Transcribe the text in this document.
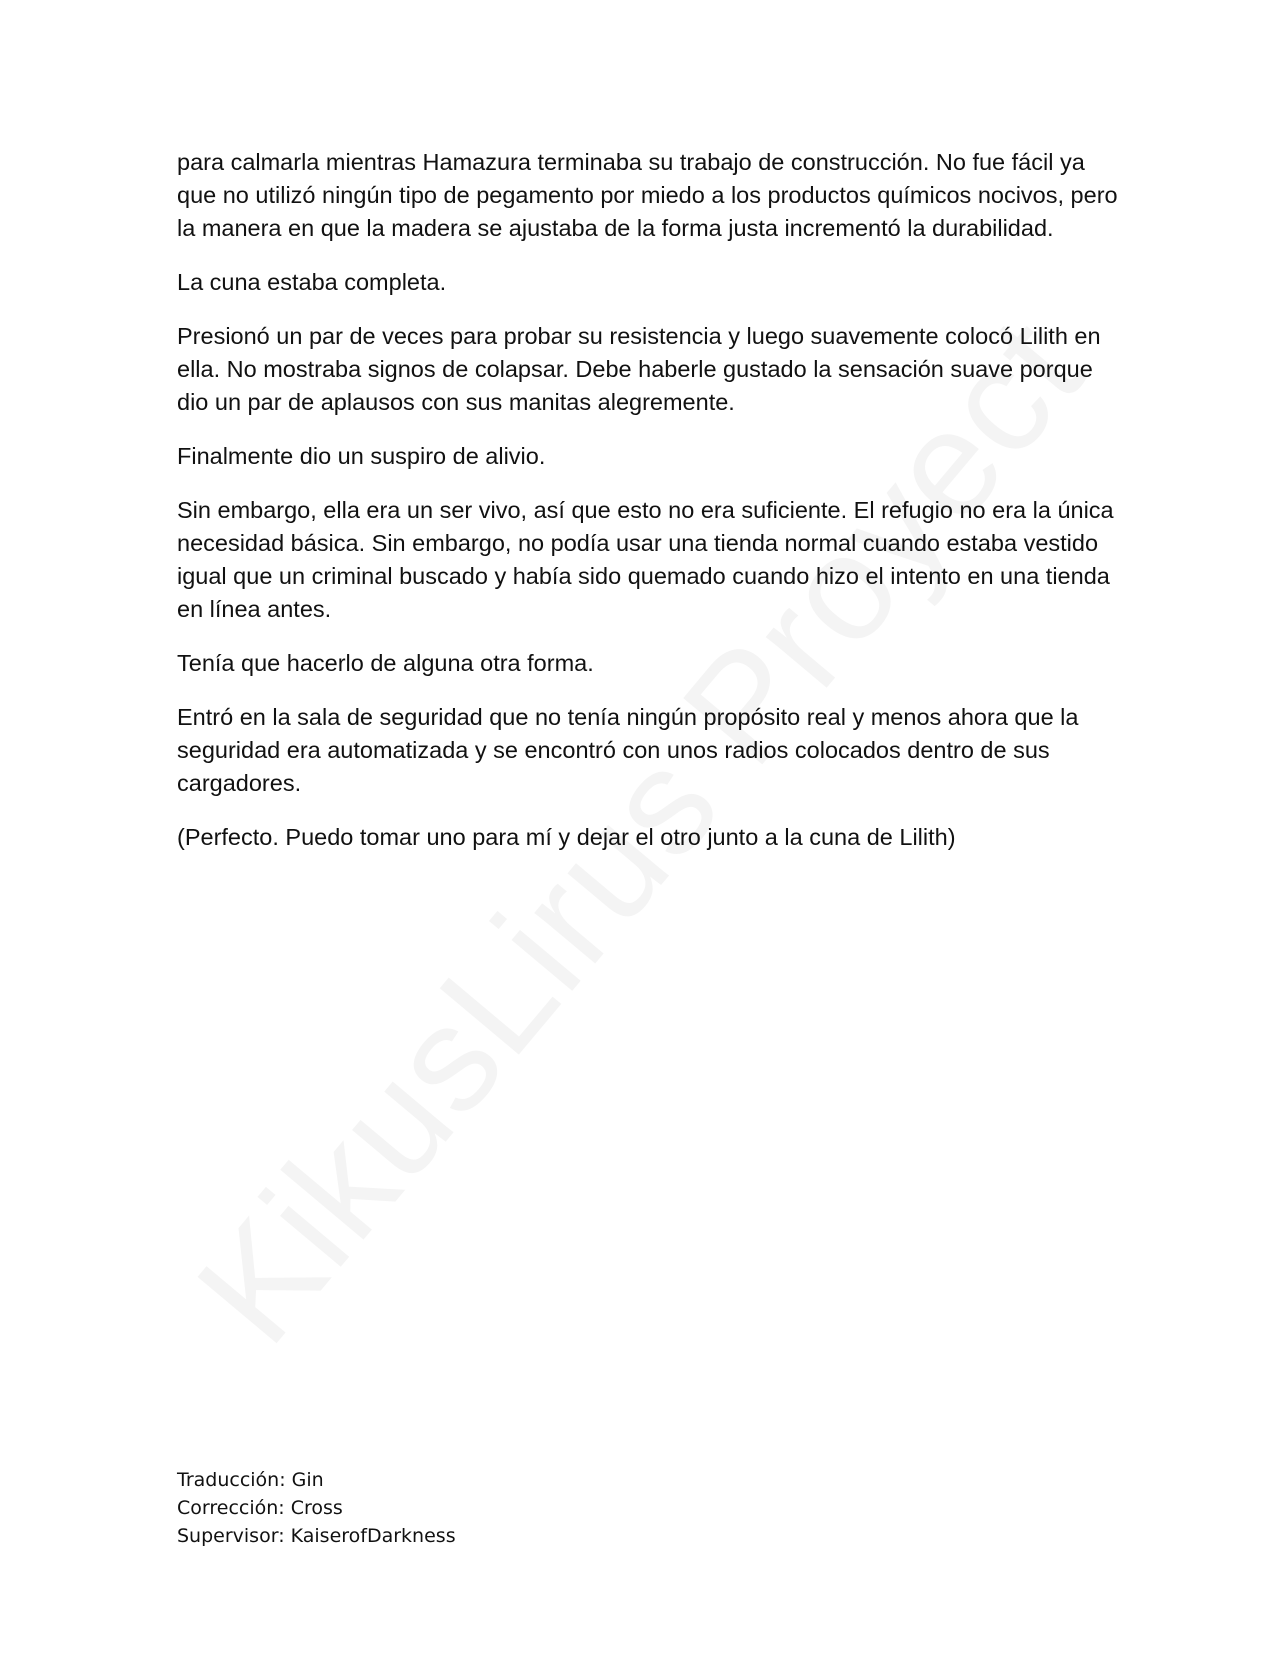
para calmarla mientras Hamazura terminaba su trabajo de construcción. No fue fácil ya que no utilizó ningún tipo de pegamento por miedo a los productos químicos nocivos, pero la manera en que la madera se ajustaba de la forma justa incrementó la durabilidad.

La cuna estaba completa.

Presionó un par de veces para probar su resistencia y luego suavemente colocó Lilith en ella. No mostraba signos de colapsar. Debe haberle gustado la sensación suave porque dio un par de aplausos con sus manitas alegremente.

Finalmente dio un suspiro de alivio.

Sin embargo, ella era un ser vivo, así que esto no era suficiente. El refugio no era la única necesidad básica. Sin embargo, no podía usar una tienda normal cuando estaba vestido igual que un criminal buscado y había sido quemado cuando hizo el intento en una tienda en línea antes.

Tenía que hacerlo de alguna otra forma.

Entró en la sala de seguridad que no tenía ningún propósito real y menos ahora que la seguridad era automatizada y se encontró con unos radios colocados dentro de sus cargadores.

(Perfecto. Puedo tomar uno para mí y dejar el otro junto a la cuna de Lilith)

Traducción: Gin
Corrección: Cross
Supervisor: KaiserofDarkness
